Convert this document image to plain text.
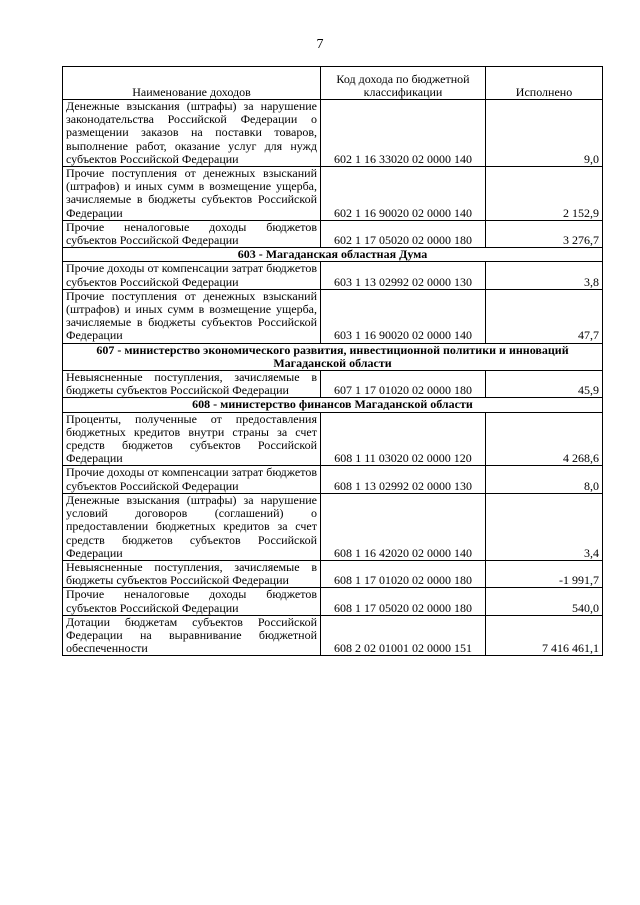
7
Наименование доходов	Код дохода по бюджетной классификации	Исполнено
Денежные взыскания (штрафы) за нарушение законодательства Российской Федерации о размещении заказов на поставки товаров, выполнение работ, оказание услуг для нужд субъектов Российской Федерации	602 1 16 33020 02 0000 140	9,0
Прочие поступления от денежных взысканий (штрафов) и иных сумм в возмещение ущерба, зачисляемые в бюджеты субъектов Российской Федерации	602 1 16 90020 02 0000 140	2 152,9
Прочие неналоговые доходы бюджетов субъектов Российской Федерации	602 1 17 05020 02 0000 180	3 276,7
603 - Магаданская областная Дума		
Прочие доходы от компенсации затрат бюджетов субъектов Российской Федерации	603 1 13 02992 02 0000 130	3,8
Прочие поступления от денежных взысканий (штрафов) и иных сумм в возмещение ущерба, зачисляемые в бюджеты субъектов Российской Федерации	603 1 16 90020 02 0000 140	47,7
607 - министерство экономического развития, инвестиционной политики и инноваций Магаданской области		
Невыясненные поступления, зачисляемые в бюджеты субъектов Российской Федерации	607 1 17 01020 02 0000 180	45,9
608 - министерство финансов Магаданской области		
Проценты, полученные от предоставления бюджетных кредитов внутри страны за счет средств бюджетов субъектов Российской Федерации	608 1 11 03020 02 0000 120	4 268,6
Прочие доходы от компенсации затрат бюджетов субъектов Российской Федерации	608 1 13 02992 02 0000 130	8,0
Денежные взыскания (штрафы) за нарушение условий договоров (соглашений) о предоставлении бюджетных кредитов за счет средств бюджетов субъектов Российской Федерации	608 1 16 42020 02 0000 140	3,4
Невыясненные поступления, зачисляемые в бюджеты субъектов Российской Федерации	608 1 17 01020 02 0000 180	-1 991,7
Прочие неналоговые доходы бюджетов субъектов Российской Федерации	608 1 17 05020 02 0000 180	540,0
Дотации бюджетам субъектов Российской Федерации на выравнивание бюджетной обеспеченности	608 2 02 01001 02 0000 151	7 416 461,1
